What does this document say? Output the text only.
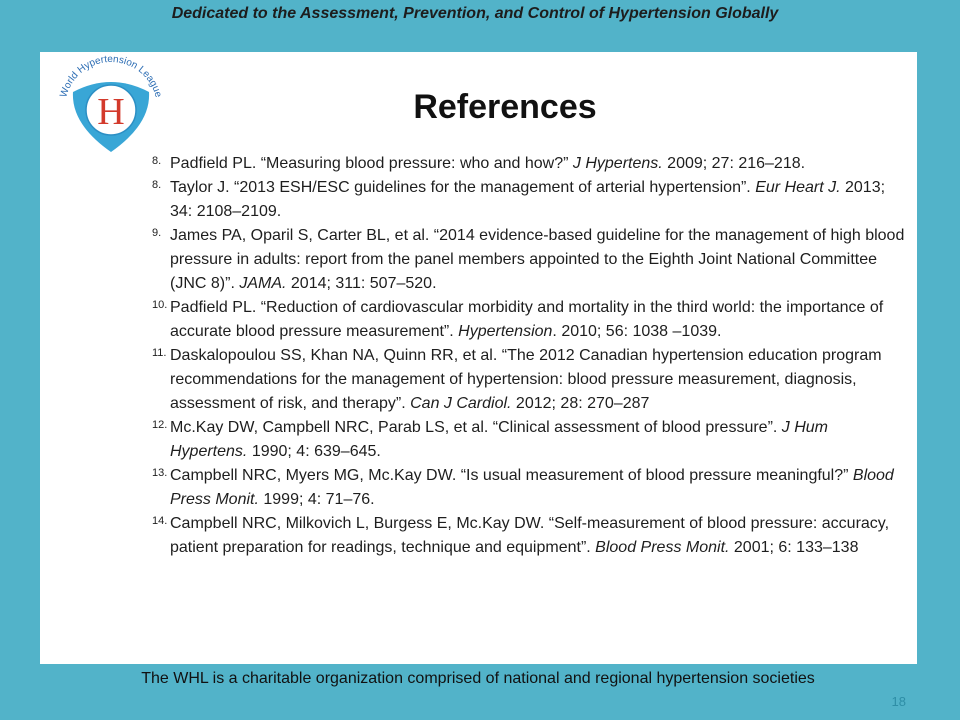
Dedicated to the Assessment, Prevention, and Control of Hypertension Globally
World Hypertension League
H	References
8. Padfield PL. “Measuring blood pressure: who and how?” J Hypertens. 2009; 27: 216–218.
8. Taylor J. “2013 ESH/ESC guidelines for the management of arterial hypertension”. Eur Heart J. 2013; 34: 2108–2109.
9. James PA, Oparil S, Carter BL, et al. “2014 evidence-based guideline for the management of high blood pressure in adults: report from the panel members appointed to the Eighth Joint National Committee (JNC 8)”. JAMA. 2014; 311: 507–520.
10. Padfield PL. “Reduction of cardiovascular morbidity and mortality in the third world: the importance of accurate blood pressure measurement”. Hypertension. 2010; 56: 1038 –1039.
11. Daskalopoulou SS, Khan NA, Quinn RR, et al. “The 2012 Canadian hypertension education program recommendations for the management of hypertension: blood pressure measurement, diagnosis, assessment of risk, and therapy”. Can J Cardiol. 2012; 28: 270–287
12. Mc.Kay DW, Campbell NRC, Parab LS, et al. “Clinical assessment of blood pressure”. J Hum Hypertens. 1990; 4: 639–645.
13. Campbell NRC, Myers MG, Mc.Kay DW. “Is usual measurement of blood pressure meaningful?” Blood Press Monit. 1999; 4: 71–76.
14. Campbell NRC, Milkovich L, Burgess E, Mc.Kay DW. “Self-measurement of blood pressure: accuracy, patient preparation for readings, technique and equipment”. Blood Press Monit. 2001; 6: 133–138
The WHL is a charitable organization comprised of national and regional hypertension societies
18
